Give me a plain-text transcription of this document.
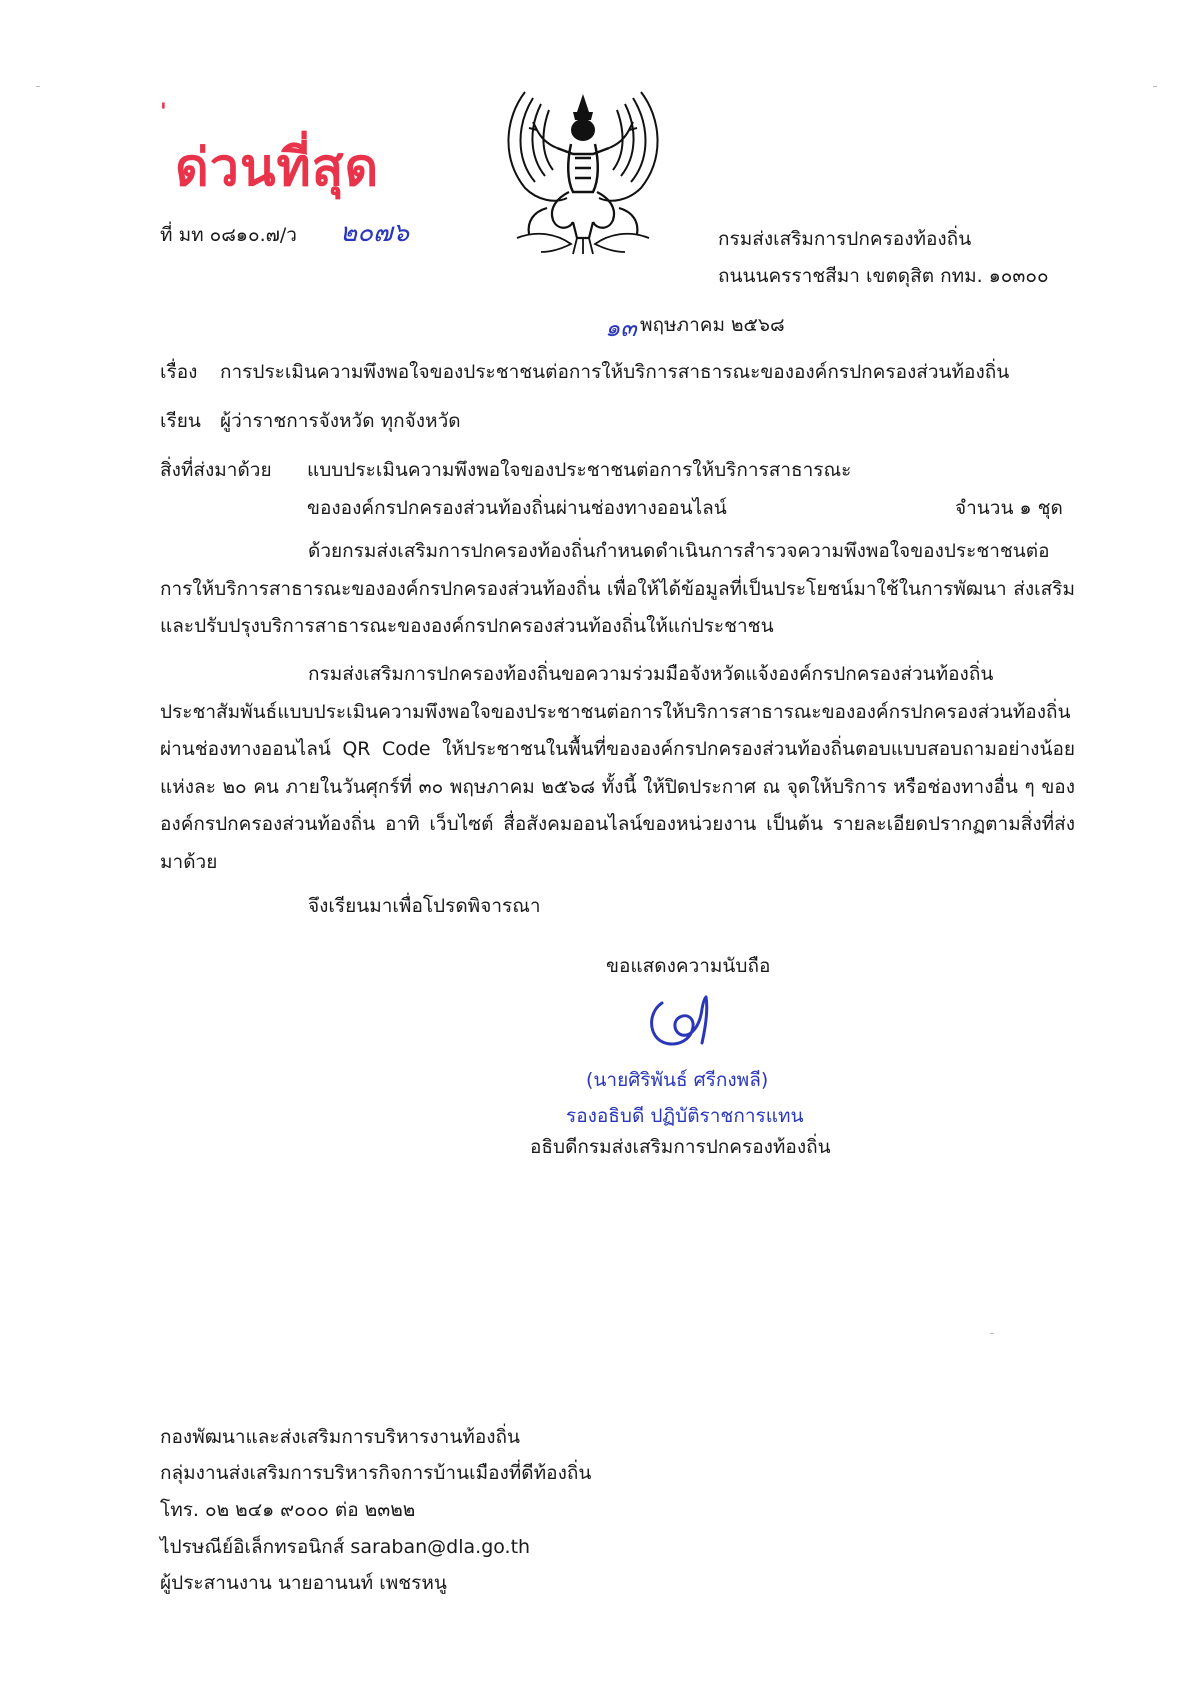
'
ด่วนที่สุด
ที่ มท ๐๘๑๐.๗/ว ๒๐๗๖	กรมส่งเสริมการปกครองท้องถิ่น
ถนนนครราชสีมา เขตดุสิต กทม. ๑๐๓๐๐
๑๓ พฤษภาคม ๒๕๖๘
เรื่อง การประเมินความพึงพอใจของประชาชนต่อการให้บริการสาธารณะขององค์กรปกครองส่วนท้องถิ่น
เรียน ผู้ว่าราชการจังหวัด ทุกจังหวัด
สิ่งที่ส่งมาด้วย แบบประเมินความพึงพอใจของประชาชนต่อการให้บริการสาธารณะ
ขององค์กรปกครองส่วนท้องถิ่นผ่านช่องทางออนไลน์	จำนวน ๑ ชุด
ด้วยกรมส่งเสริมการปกครองท้องถิ่นกำหนดดำเนินการสำรวจความพึงพอใจของประชาชนต่อการให้บริการสาธารณะขององค์กรปกครองส่วนท้องถิ่น เพื่อให้ได้ข้อมูลที่เป็นประโยชน์มาใช้ในการพัฒนา ส่งเสริม และปรับปรุงบริการสาธารณะขององค์กรปกครองส่วนท้องถิ่นให้แก่ประชาชน
กรมส่งเสริมการปกครองท้องถิ่นขอความร่วมมือจังหวัดแจ้งองค์กรปกครองส่วนท้องถิ่นประชาสัมพันธ์แบบประเมินความพึงพอใจของประชาชนต่อการให้บริการสาธารณะขององค์กรปกครองส่วนท้องถิ่นผ่านช่องทางออนไลน์ QR Code ให้ประชาชนในพื้นที่ขององค์กรปกครองส่วนท้องถิ่นตอบแบบสอบถามอย่างน้อยแห่งละ ๒๐ คน ภายในวันศุกร์ที่ ๓๐ พฤษภาคม ๒๕๖๘ ทั้งนี้ ให้ปิดประกาศ ณ จุดให้บริการ หรือช่องทางอื่น ๆ ขององค์กรปกครองส่วนท้องถิ่น อาทิ เว็บไซต์ สื่อสังคมออนไลน์ของหน่วยงาน เป็นต้น รายละเอียดปรากฏตามสิ่งที่ส่งมาด้วย
จึงเรียนมาเพื่อโปรดพิจารณา
ขอแสดงความนับถือ
(นายศิริพันธ์ ศรีกงพลี)
รองอธิบดี ปฏิบัติราชการแทน
อธิบดีกรมส่งเสริมการปกครองท้องถิ่น
กองพัฒนาและส่งเสริมการบริหารงานท้องถิ่น
กลุ่มงานส่งเสริมการบริหารกิจการบ้านเมืองที่ดีท้องถิ่น
โทร. ๐๒ ๒๔๑ ๙๐๐๐ ต่อ ๒๓๒๒
ไปรษณีย์อิเล็กทรอนิกส์ saraban@dla.go.th
ผู้ประสานงาน นายอานนท์ เพชรหนู
